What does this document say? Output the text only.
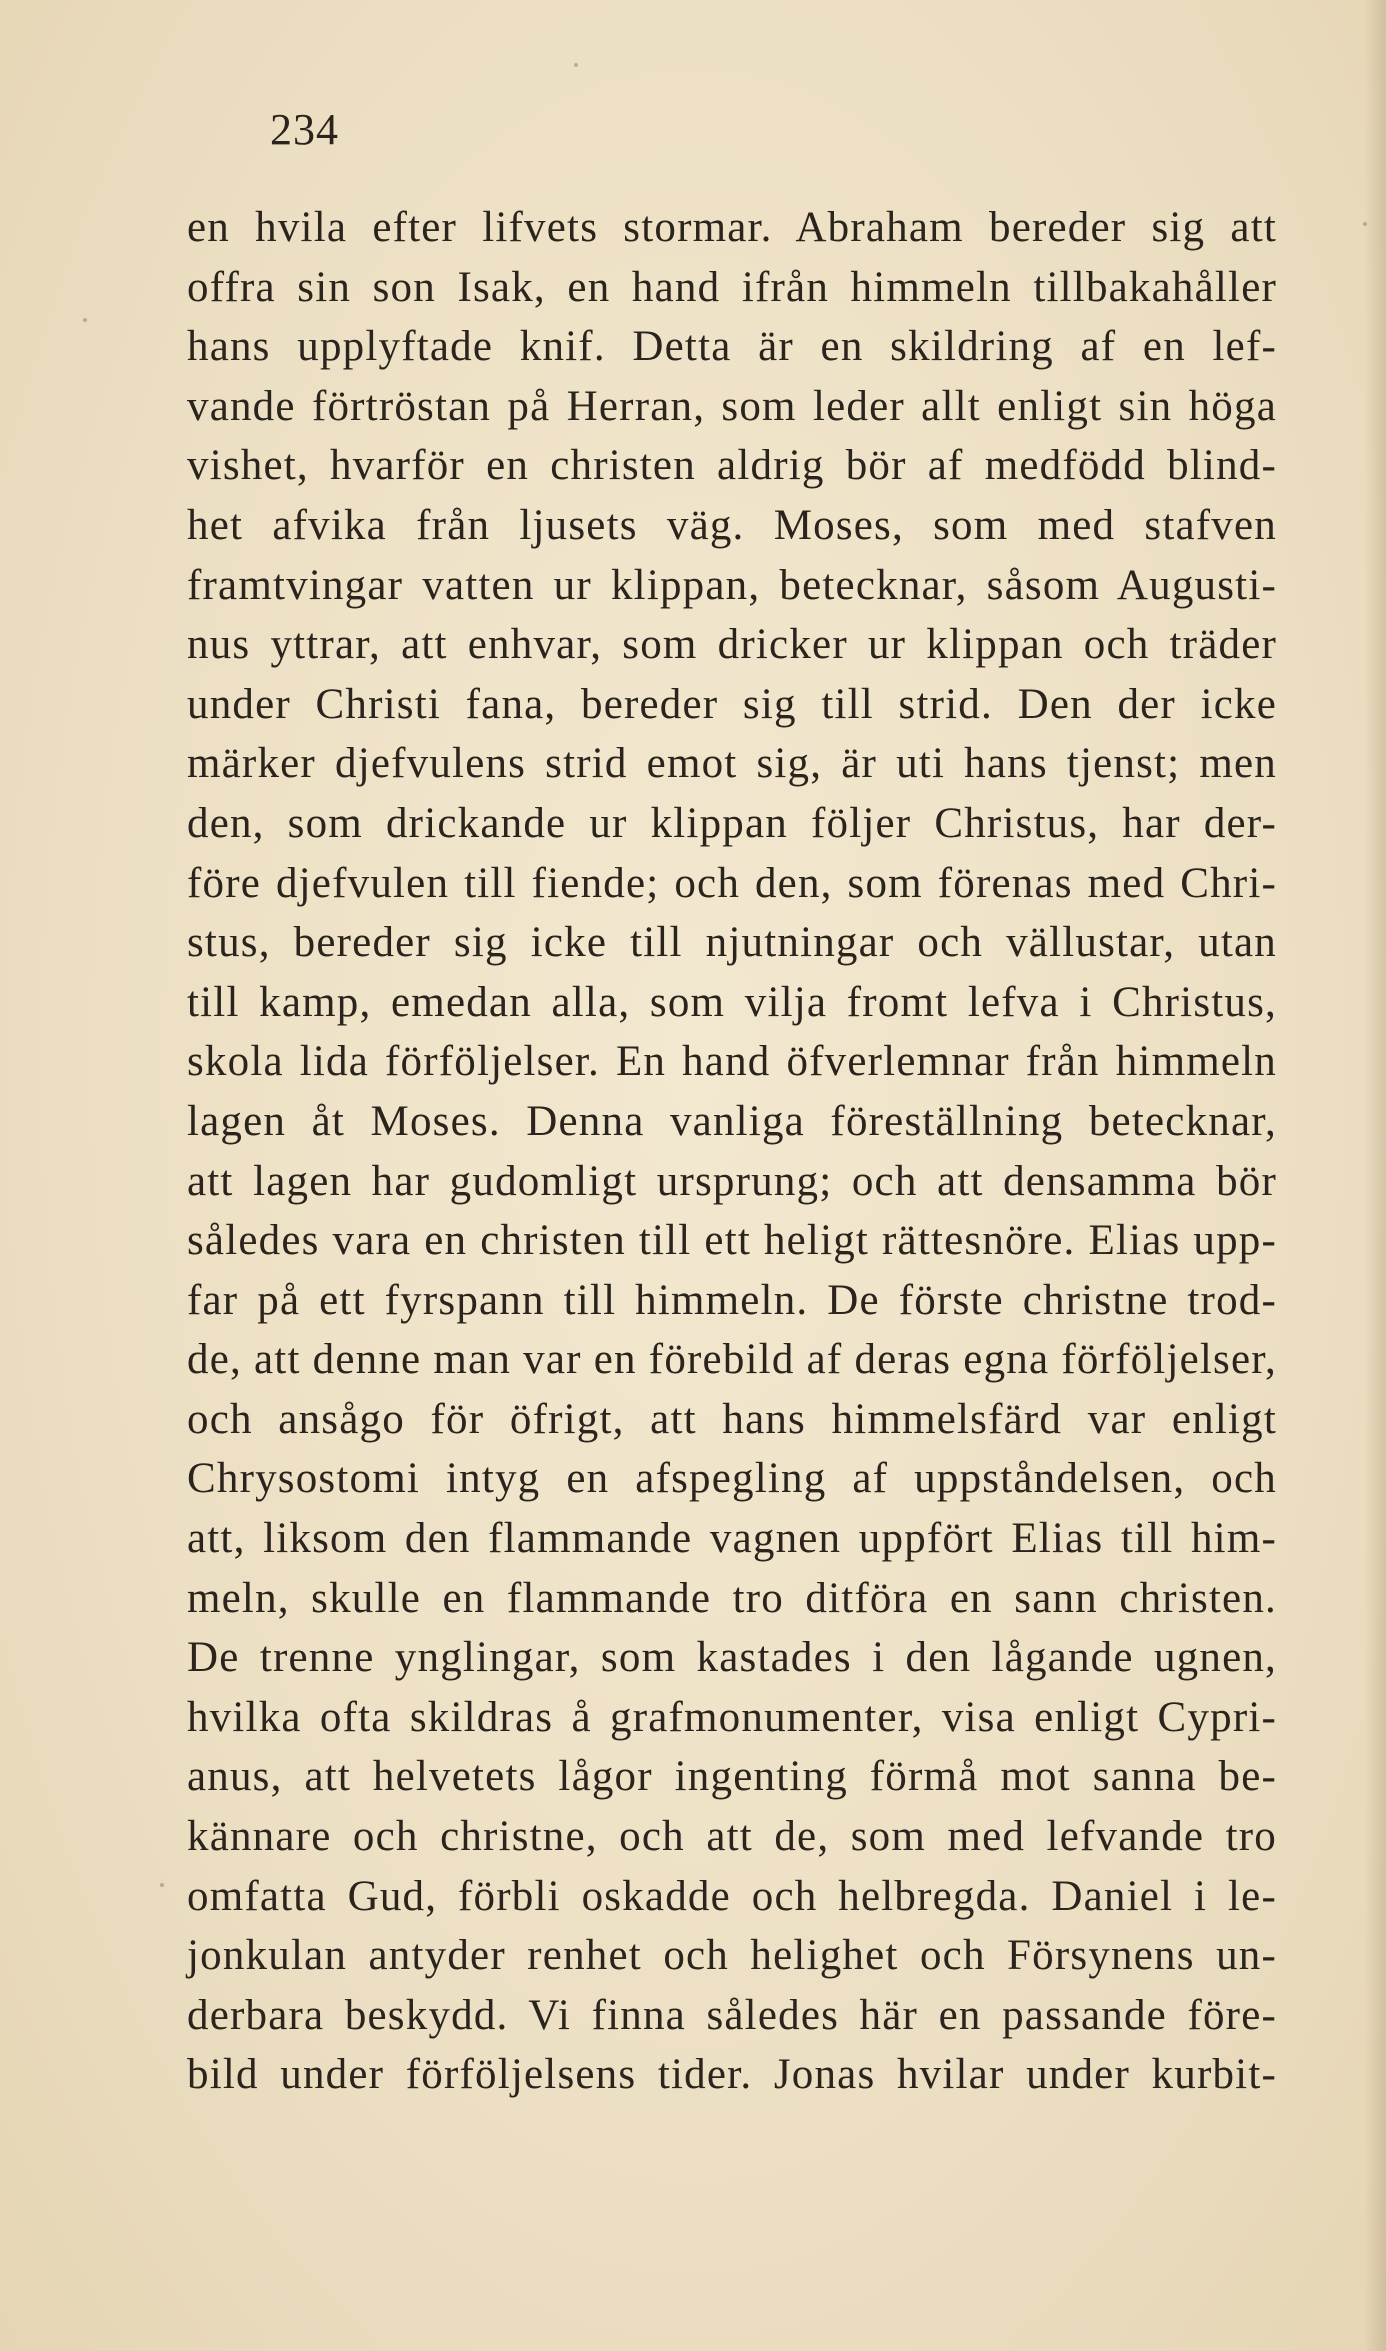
234
en hvila efter lifvets stormar. Abraham bereder sig att
offra sin son Isak, en hand ifrån himmeln tillbakahåller
hans upplyftade knif. Detta är en skildring af en lef-
vande förtröstan på Herran, som leder allt enligt sin höga
vishet, hvarför en christen aldrig bör af medfödd blind-
het afvika från ljusets väg. Moses, som med stafven
framtvingar vatten ur klippan, betecknar, såsom Augusti-
nus yttrar, att enhvar, som dricker ur klippan och träder
under Christi fana, bereder sig till strid. Den der icke
märker djefvulens strid emot sig, är uti hans tjenst; men
den, som drickande ur klippan följer Christus, har der-
före djefvulen till fiende; och den, som förenas med Chri-
stus, bereder sig icke till njutningar och vällustar, utan
till kamp, emedan alla, som vilja fromt lefva i Christus,
skola lida förföljelser. En hand öfverlemnar från himmeln
lagen åt Moses. Denna vanliga föreställning betecknar,
att lagen har gudomligt ursprung; och att densamma bör
således vara en christen till ett heligt rättesnöre. Elias upp-
far på ett fyrspann till himmeln. De förste christne trod-
de, att denne man var en förebild af deras egna förföljelser,
och ansågo för öfrigt, att hans himmelsfärd var enligt
Chrysostomi intyg en afspegling af uppståndelsen, och
att, liksom den flammande vagnen uppfört Elias till him-
meln, skulle en flammande tro ditföra en sann christen.
De trenne ynglingar, som kastades i den lågande ugnen,
hvilka ofta skildras å grafmonumenter, visa enligt Cypri-
anus, att helvetets lågor ingenting förmå mot sanna be-
kännare och christne, och att de, som med lefvande tro
omfatta Gud, förbli oskadde och helbregda. Daniel i le-
jonkulan antyder renhet och helighet och Försynens un-
derbara beskydd. Vi finna således här en passande före-
bild under förföljelsens tider. Jonas hvilar under kurbit-
